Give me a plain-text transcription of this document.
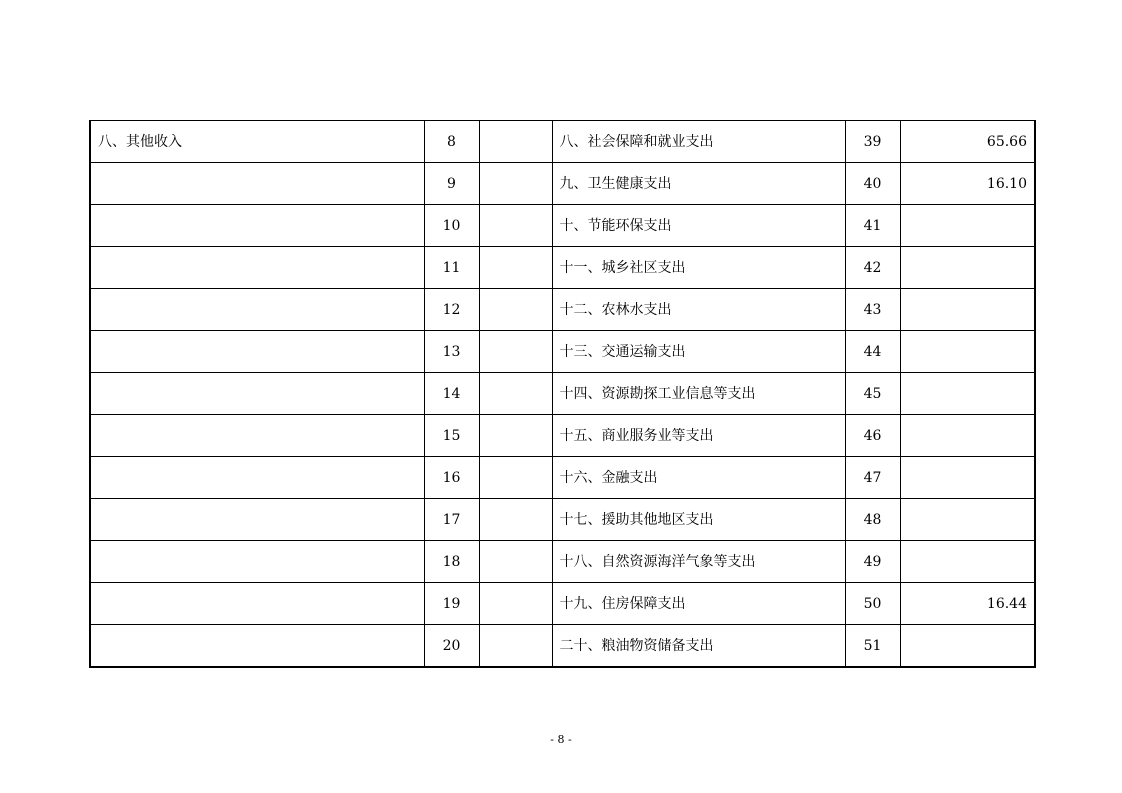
八、其他收入	8		八、社会保障和就业支出	39	65.66
	9		九、卫生健康支出	40	16.10
	10		十、节能环保支出	41	
	11		十一、城乡社区支出	42	
	12		十二、农林水支出	43	
	13		十三、交通运输支出	44	
	14		十四、资源勘探工业信息等支出	45	
	15		十五、商业服务业等支出	46	
	16		十六、金融支出	47	
	17		十七、援助其他地区支出	48	
	18		十八、自然资源海洋气象等支出	49	
	19		十九、住房保障支出	50	16.44
	20		二十、粮油物资储备支出	51	
- 8 -
